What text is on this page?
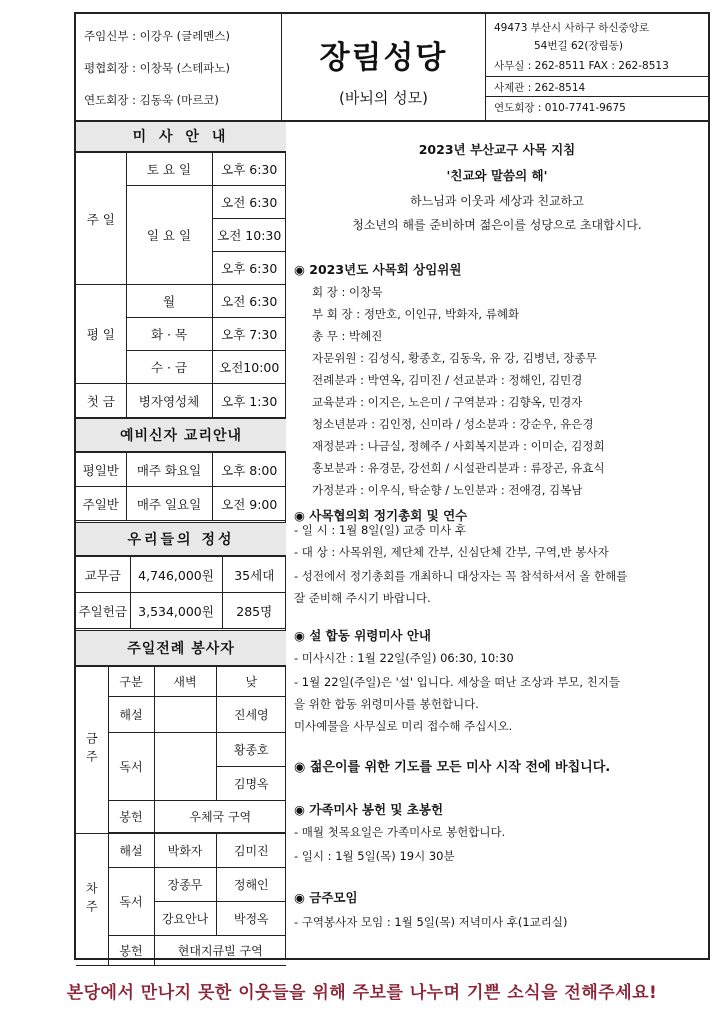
주임신부 : 이강우 (글레멘스)
평협회장 : 이창묵 (스테파노)
연도회장 : 김동욱 (마르코)
장림성당
(바뇌의 성모)
49473 부산시 사하구 하신중앙로
54번길 62(장림동)
사무실 : 262-8511 FAX : 262-8513
사제관 : 262-8514
연도회장 : 010-7741-9675
미 사 안 내
주 일	토 요 일	오후 6:30
	일 요 일	오전 6:30
		오전 10:30
		오후 6:30
평 일	월	오전 6:30
	화 · 목	오후 7:30
	수 · 금	오전10:00
첫 금	병자영성체	오후 1:30
예비신자 교리안내
평일반	매주 화요일	오후 8:00
주일반	매주 일요일	오전 9:00
우리들의 정성
교무금	4,746,000원	35세대
주일헌금	3,534,000원	285명
주일전례 봉사자
금주	구분	새벽	낮
	해설		진세영
	독서		황종호
			김명옥
	봉헌	우체국 구역	

차주	해설	박화자	김미진
	독서	장종무	정해인
		강요안나	박정옥
	봉헌	현대지큐빌 구역	
2023년 부산교구 사목 지침
'친교와 말씀의 해'
하느님과 이웃과 세상과 친교하고
청소년의 해를 준비하며 젊은이를 성당으로 초대합시다.
◉ 2023년도 사목회 상임위원
회 장 : 이창묵
부 회 장 : 정만호, 이인규, 박화자, 류혜화
총 무 : 박혜진
자문위원 : 김성식, 황종호, 김동욱, 유 강, 김병년, 장종무
전례분과 : 박연옥, 김미진 / 선교분과 : 정해인, 김민경
교육분과 : 이지은, 노은미 / 구역분과 : 김향옥, 민경자
청소년분과 : 김인정, 신미라 / 성소분과 : 강순우, 유은경
재정분과 : 나금실, 정혜주 / 사회복지분과 : 이미순, 김정희
홍보분과 : 유경문, 강선희 / 시설관리분과 : 류장곤, 유효식
가정분과 : 이우식, 탁순향 / 노인분과 : 전애경, 김복남
◉ 사목협의회 정기총회 및 연수
- 일 시 : 1월 8일(일) 교중 미사 후
- 대 상 : 사목위원, 제단체 간부, 신심단체 간부, 구역,반 봉사자
- 성전에서 정기총회를 개최하니 대상자는 꼭 참석하셔서 올 한해를
잘 준비해 주시기 바랍니다.
◉ 설 합동 위령미사 안내
- 미사시간 : 1월 22일(주일) 06:30, 10:30
- 1월 22일(주일)은 '설' 입니다. 세상을 떠난 조상과 부모, 친지들
을 위한 합동 위령미사를 봉헌합니다.
미사예물을 사무실로 미리 접수해 주십시오.
◉ 젊은이를 위한 기도를 모든 미사 시작 전에 바칩니다.
◉ 가족미사 봉헌 및 초봉헌
- 매월 첫목요일은 가족미사로 봉헌합니다.
- 일시 : 1월 5일(목) 19시 30분
◉ 금주모임
- 구역봉사자 모임 : 1월 5일(목) 저녁미사 후(1교리실)
본당에서 만나지 못한 이웃들을 위해 주보를 나누며 기쁜 소식을 전해주세요!
